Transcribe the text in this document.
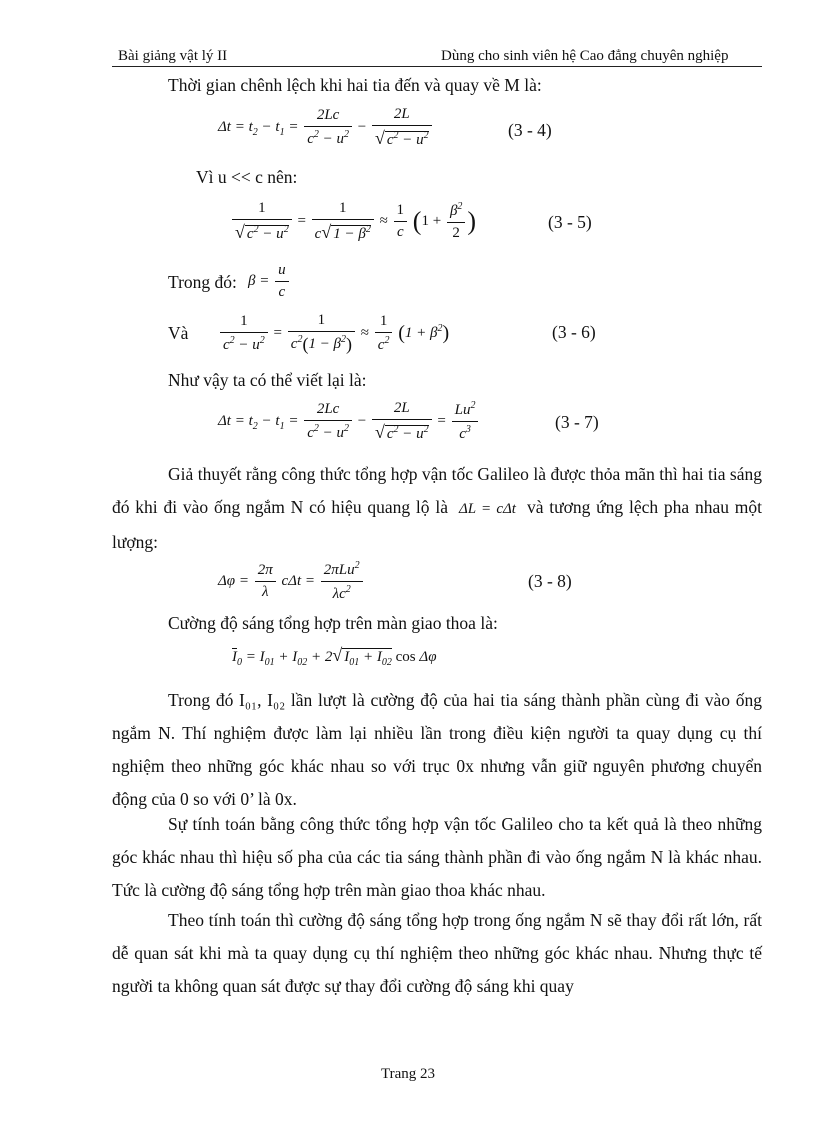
Bài giảng vật lý II	Dùng cho sinh viên hệ Cao đẳng chuyên nghiệp
Thời gian chênh lệch khi hai tia đến và quay về M là:
$\Delta t = t_2 - t_1 = \frac{2Lc}{c^2 - u^2} - \frac{2L}{√ c^2 - u^2}$	(3 - 4)
Vì u << c nên:
$\frac{1}{√ c^2 - u^2} = \frac{1}{c√ 1 - \beta^2} \approx \frac{1}{c} (1 + \frac{\beta^2}{2}$ )	(3 - 5)
Trong đó: $\beta = \frac{u}{c}$
Và $\frac{1}{c^2 - u^2} = \frac{1}{c^2(1 - \beta^2)} \approx \frac{1}{c^2} (1 + \beta^2)$	(3 - 6)
Như vậy ta có thể viết lại là:
$\Delta t = t_2 - t_1 = \frac{2Lc}{c^2 - u^2} - \frac{2L}{√ c^2 - u^2} = \frac{Lu^2}{c^3}$	(3 - 7)
Giả thuyết rằng công thức tổng hợp vận tốc Galileo là được thỏa mãn thì hai tia sáng đó khi đi vào ống ngắm N có hiệu quang lộ là  ΔL = cΔt  và tương ứng lệch pha nhau một lượng:
$\Delta\varphi = \frac{2\pi}{\lambda}$ $c\Delta t = \frac{2\pi Lu^2}{\lambda c^2}$	(3 - 8)
Cường độ sáng tổng hợp trên màn giao thoa là:
$\overline{I}_0 = I_{01} + I_{02} + 2√$ $I_{01} + I_{02}$ cos Δφ
Trong đó I₀₁, I₀₂ lần lượt là cường độ của hai tia sáng thành phần cùng đi vào ống ngắm N. Thí nghiệm được làm lại nhiều lần trong điều kiện người ta quay dụng cụ thí nghiệm theo những góc khác nhau so với trục 0x nhưng vẫn giữ nguyên phương chuyển động của 0 so với 0’ là 0x.
Sự tính toán bằng công thức tổng hợp vận tốc Galileo cho ta kết quả là theo những góc khác nhau thì hiệu số pha của các tia sáng thành phần đi vào ống ngắm N là khác nhau. Tức là cường độ sáng tổng hợp trên màn giao thoa khác nhau.
Theo tính toán thì cường độ sáng tổng hợp trong ống ngắm N sẽ thay đổi rất lớn, rất dễ quan sát khi mà ta quay dụng cụ thí nghiệm theo những góc khác nhau. Nhưng thực tế người ta không quan sát được sự thay đổi cường độ sáng khi quay
Trang 23
